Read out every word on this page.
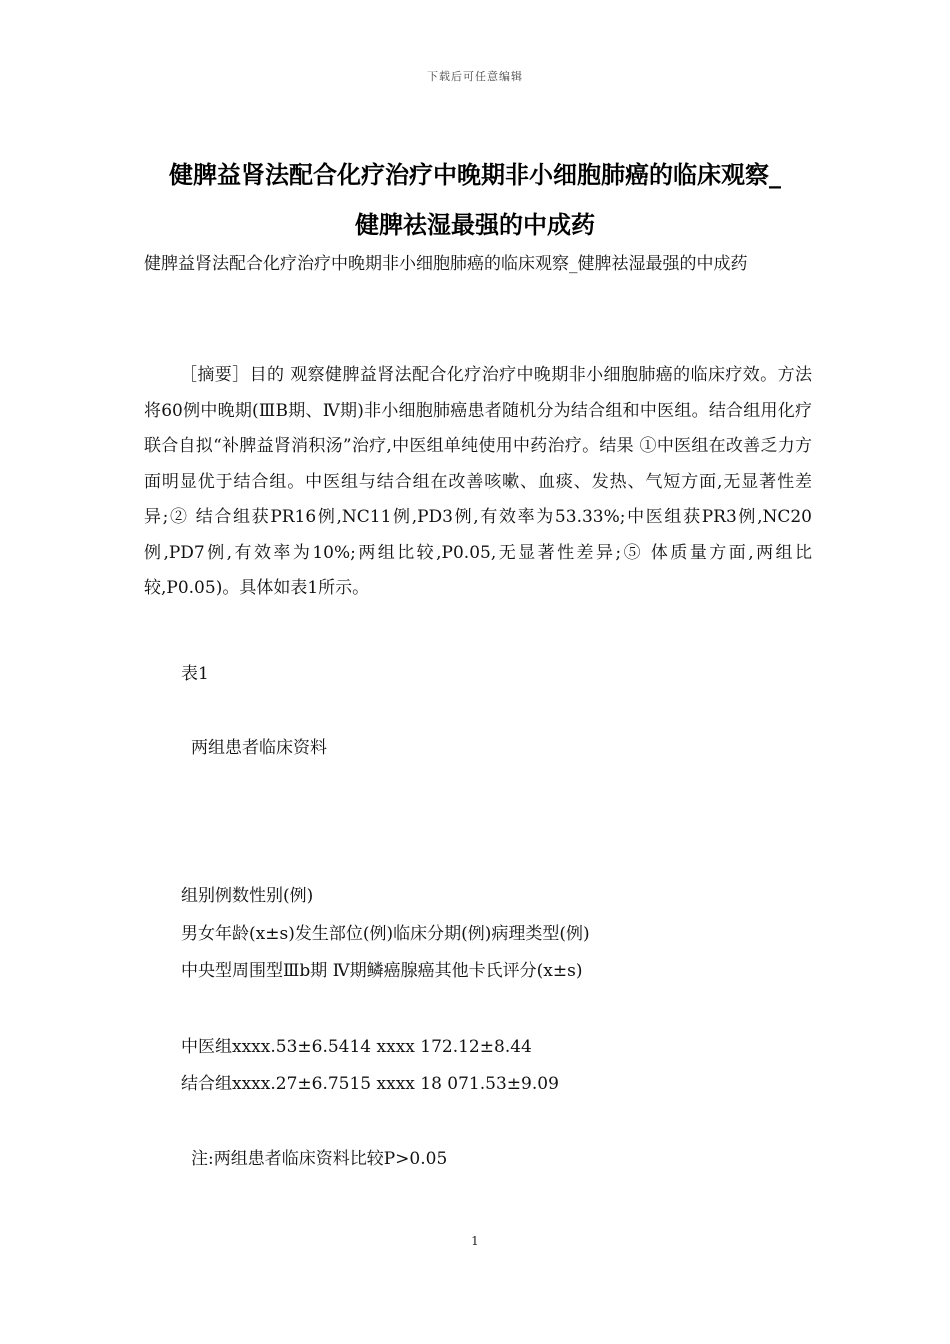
下载后可任意编辑
健脾益肾法配合化疗治疗中晚期非小细胞肺癌的临床观察_
健脾祛湿最强的中成药
健脾益肾法配合化疗治疗中晚期非小细胞肺癌的临床观察_健脾祛湿最强的中成药
［摘要］目的 观察健脾益肾法配合化疗治疗中晚期非小细胞肺癌的临床疗效。方法 将60例中晚期(ⅢB期、Ⅳ期)非小细胞肺癌患者随机分为结合组和中医组。结合组用化疗联合自拟“补脾益肾消积汤”治疗,中医组单纯使用中药治疗。结果 ①中医组在改善乏力方面明显优于结合组。中医组与结合组在改善咳嗽、血痰、发热、气短方面,无显著性差异;② 结合组获PR16例,NC11例,PD3例,有效率为53.33%;中医组获PR3例,NC20例,PD7例,有效率为10%;两组比较,P0.05,无显著性差异;⑤ 体质量方面,两组比较,P0.05)。具体如表1所示。
表1
两组患者临床资料
组别例数性别(例)
男女年龄(x±s)发生部位(例)临床分期(例)病理类型(例)
中央型周围型Ⅲb期 Ⅳ期鳞癌腺癌其他卡氏评分(x±s)
中医组xxxx.53±6.5414 xxxx 172.12±8.44
结合组xxxx.27±6.7515 xxxx 18 071.53±9.09
注:两组患者临床资料比较P>0.05
1
